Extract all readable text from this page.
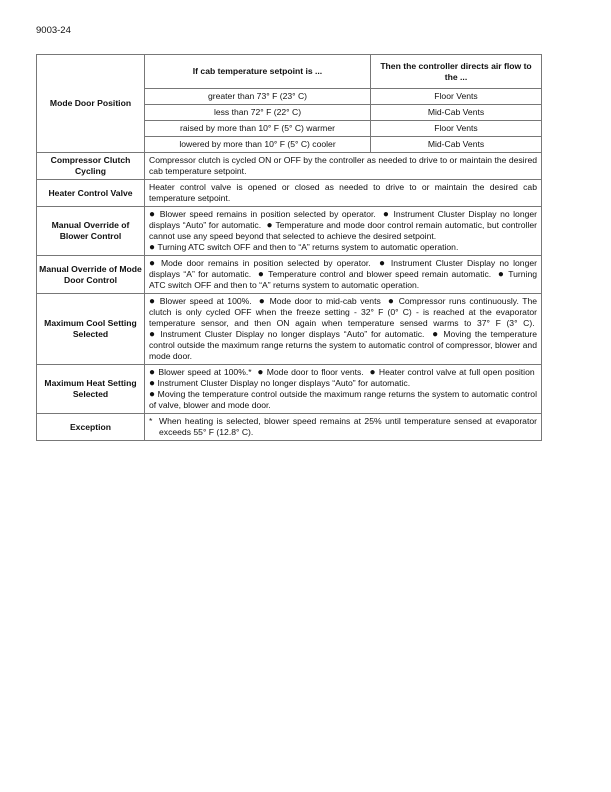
9003-24
Mode Door Position	If cab temperature setpoint is ...	Then the controller directs air flow to the ...
	greater than 73° F (23° C)	Floor Vents
	less than 72° F (22° C)	Mid-Cab Vents
	raised by more than 10° F (5° C) warmer	Floor Vents
	lowered by more than 10° F (5° C) cooler	Mid-Cab Vents
Compressor Clutch Cycling	Compressor clutch is cycled ON or OFF by the controller as needed to drive to or maintain the desired cab temperature setpoint.	
Heater Control Valve	Heater control valve is opened or closed as needed to drive to or maintain the desired cab temperature setpoint.	
Manual Override of Blower Control	● Blower speed remains in position selected by operator. ● Instrument Cluster Display no longer displays “Auto” for automatic. ● Temperature and mode door control remain automatic, but controller cannot use any speed beyond that selected to achieve the desired setpoint.
● Turning ATC switch OFF and then to “A” returns system to automatic operation.	
Manual Override of Mode Door Control	● Mode door remains in position selected by operator. ● Instrument Cluster Display no longer displays “A” for automatic. ● Temperature control and blower speed remain automatic. ● Turning ATC switch OFF and then to “A” returns system to automatic operation.	
Maximum Cool Setting Selected	● Blower speed at 100%. ● Mode door to mid-cab vents ● Compressor runs continuously. The clutch is only cycled OFF when the freeze setting - 32° F (0° C) - is reached at the evaporator temperature sensor, and then ON again when temperature sensed warms to 37° F (3° C).  ● Instrument Cluster Display no longer displays “Auto” for automatic. ● Moving the temperature control outside the maximum range returns the system to automatic control of compressor, blower and mode door.	
Maximum Heat Setting Selected	● Blower speed at 100%.* ● Mode door to floor vents. ● Heater control valve at full open position  ● Instrument Cluster Display no longer displays “Auto” for automatic.
● Moving the temperature control outside the maximum range returns the system to automatic control of valve, blower and mode door.	
Exception	* When heating is selected, blower speed remains at 25% until temperature sensed at evaporator exceeds 55° F (12.8° C).	
